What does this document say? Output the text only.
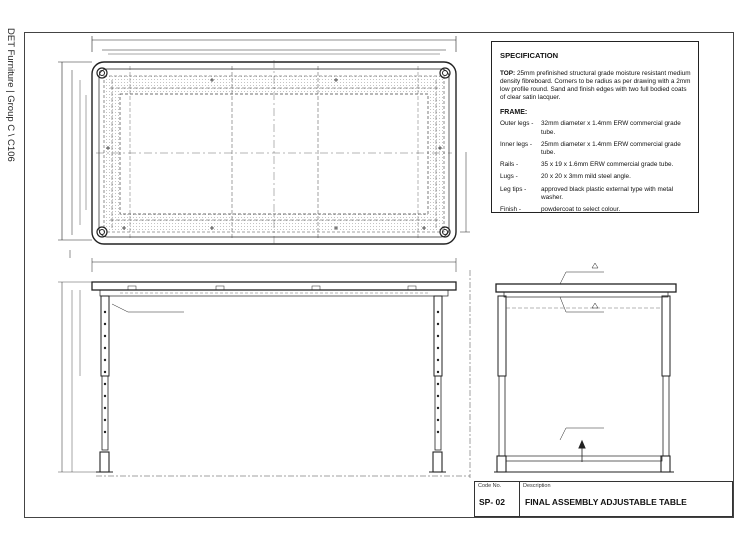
DET Furniture | Group C \ C106	SPECIFICATION
TOP: 25mm prefinished structural grade moisture resistant medium density fibreboard. Corners to be radius as per drawing with a 2mm low profile round. Sand and finish edges with two full bodied coats of clear satin lacquer.
FRAME:
Outer legs -	32mm diameter x 1.4mm ERW commercial grade tube.
Inner legs -	25mm diameter x 1.4mm ERW commercial grade tube.
Rails -	35 x 19 x 1.6mm ERW commercial grade tube.
Lugs -	20 x 20 x 3mm mild steel angle.
Leg tips -	approved black plastic external type with metal washer.
Finish -	powdercoat to select colour.
Code No.
SP- 02
Description
FINAL ASSEMBLY ADJUSTABLE TABLE
